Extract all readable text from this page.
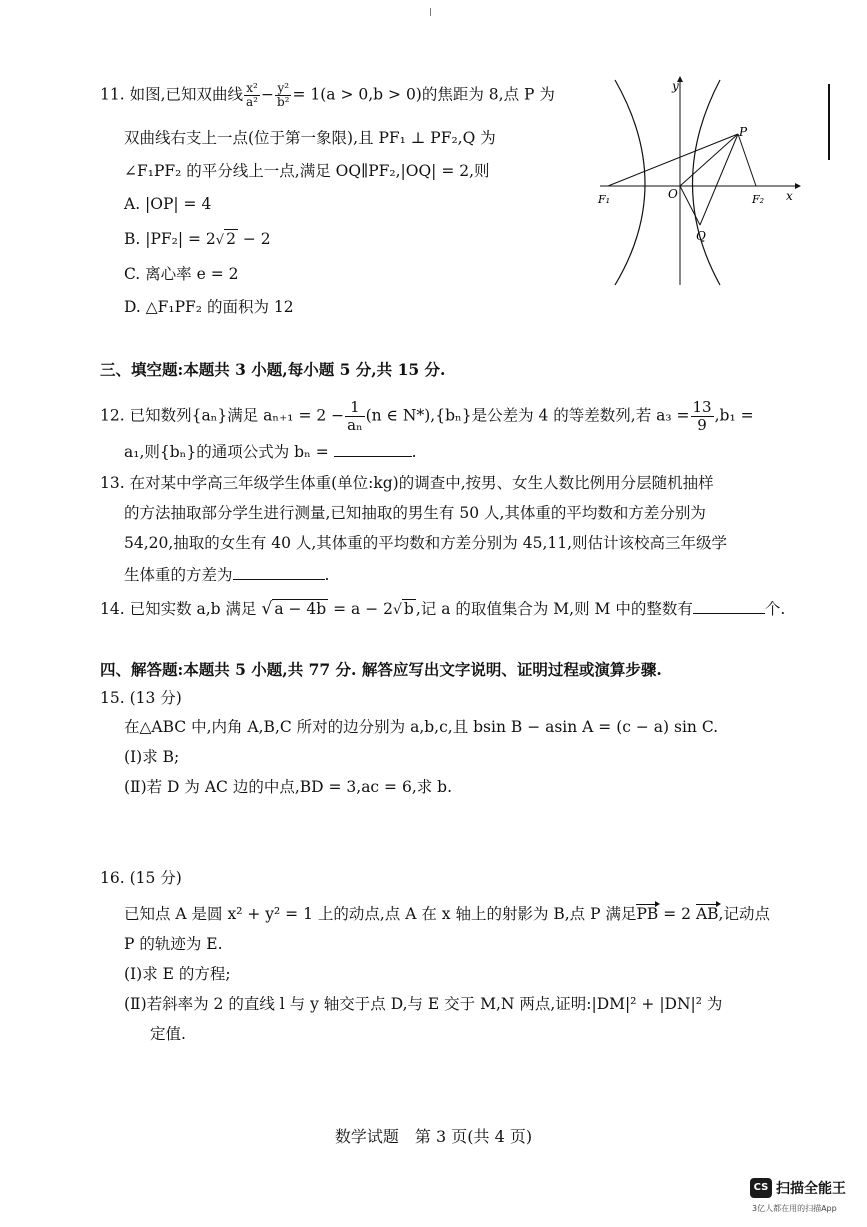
11. 如图,已知双曲线 $\frac{\text{x²}}{\text{a²}} - \frac{\text{y²}}{\text{b²}} = 1(a > 0,b > 0)$的焦距为 8,点 P 为
双曲线右支上一点(位于第一象限),且 PF₁ ⊥ PF₂,Q 为
∠F₁PF₂ 的平分线上一点,满足 OQ∥PF₂,|OQ| = 2,则
A. |OP| = 4
B. |PF₂| = 2√ 2 − 2
C. 离心率 e = 2
D. △F₁PF₂ 的面积为 12
y
x
O
P
Q
F₁	F₂
三、填空题:本题共 3 小题,每小题 5 分,共 15 分.
12. 已知数列{aₙ}满足 $a_{n+1} = 2 - \frac{1}{\text{aₙ}} (n$ ∈ N*),{bₙ}是公差为 4 的等差数列,若 $a_3 = \frac{13}{9} ,b_1$ =
a₁,则{bₙ}的通项公式为 bₙ =	.
13. 在对某中学高三年级学生体重(单位:kg)的调查中,按男、女生人数比例用分层随机抽样
的方法抽取部分学生进行测量,已知抽取的男生有 50 人,其体重的平均数和方差分别为
54,20,抽取的女生有 40 人,其体重的平均数和方差分别为 45,11,则估计该校高三年级学
生体重的方差为	.
14. 已知实数 a,b 满足 √ a − 4b = a − 2√ b ,记 a 的取值集合为 M,则 M 中的整数有	个.
四、解答题:本题共 5 小题,共 77 分. 解答应写出文字说明、证明过程或演算步骤.
15. (13 分)
在△ABC 中,内角 A,B,C 所对的边分别为 a,b,c,且 bsin B − asin A = (c − a) sin C.
(Ⅰ)求 B;
(Ⅱ)若 D 为 AC 边的中点,BD = 3,ac = 6,求 b.
16. (15 分)
已知点 A 是圆 x² + y² = 1 上的动点,点 A 在 x 轴上的射影为 B,点 P 满足PB = 2 AB,记动点
P 的轨迹为 E.
(Ⅰ)求 E 的方程;
(Ⅱ)若斜率为 2 的直线 l 与 y 轴交于点 D,与 E 交于 M,N 两点,证明:|DM|² + |DN|² 为
定值.
数学试题　第 3 页(共 4 页)
CS 扫描全能王
3亿人都在用的扫描App
